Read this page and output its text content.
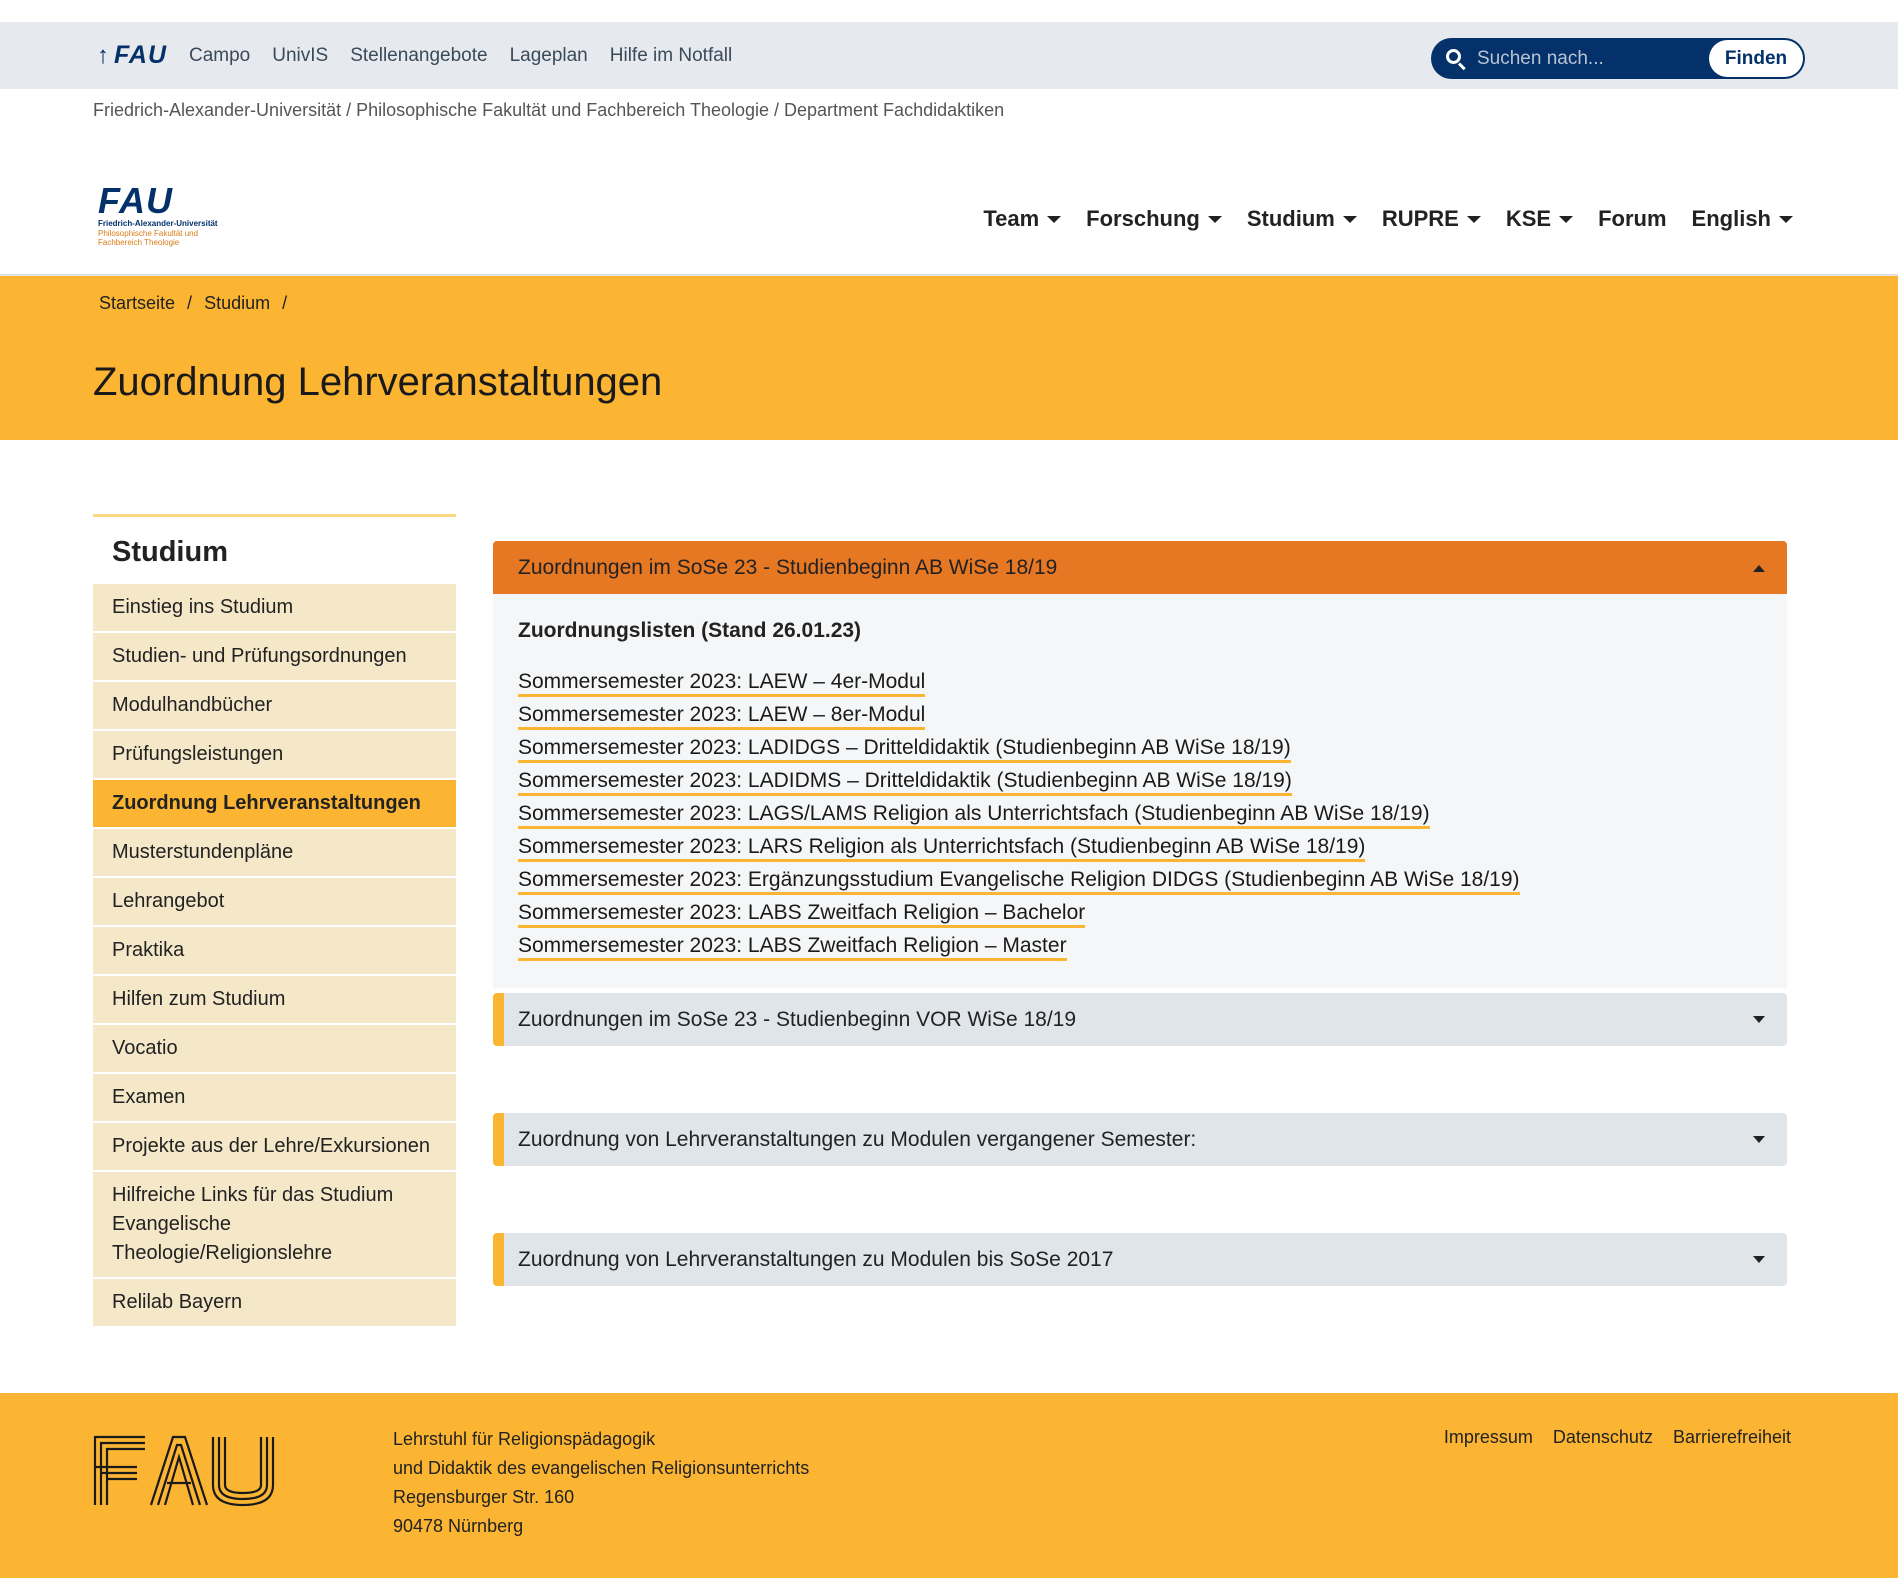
↑ FAU Campo UnivIS Stellenangebote Lageplan Hilfe im Notfall
Suchen nach...	Finden
Friedrich-Alexander-Universität / Philosophische Fakultät und Fachbereich Theologie / Department Fachdidaktiken
FAU
Friedrich-Alexander-Universität
Philosophische Fakultät und
Fachbereich Theologie
Team Forschung Studium RUPRE KSE Forum English
Startseite / Studium /
Zuordnung Lehrveranstaltungen
Studium
Einstieg ins Studium
Studien- und Prüfungsordnungen
Modulhandbücher
Prüfungsleistungen
Zuordnung Lehrveranstaltungen
Musterstundenpläne
Lehrangebot
Praktika
Hilfen zum Studium
Vocatio
Examen
Projekte aus der Lehre/Exkursionen
Hilfreiche Links für das Studium Evangelische Theologie/Religionslehre
Relilab Bayern
Zuordnungen im SoSe 23 - Studienbeginn AB WiSe 18/19
Zuordnungslisten (Stand 26.01.23)
Sommersemester 2023: LAEW – 4er-Modul
Sommersemester 2023: LAEW – 8er-Modul
Sommersemester 2023: LADIDGS – Dritteldidaktik (Studienbeginn AB WiSe 18/19)
Sommersemester 2023: LADIDMS – Dritteldidaktik (Studienbeginn AB WiSe 18/19)
Sommersemester 2023: LAGS/LAMS Religion als Unterrichtsfach (Studienbeginn AB WiSe 18/19)
Sommersemester 2023: LARS Religion als Unterrichtsfach (Studienbeginn AB WiSe 18/19)
Sommersemester 2023: Ergänzungsstudium Evangelische Religion DIDGS (Studienbeginn AB WiSe 18/19)
Sommersemester 2023: LABS Zweitfach Religion – Bachelor
Sommersemester 2023: LABS Zweitfach Religion – Master
Zuordnungen im SoSe 23 - Studienbeginn VOR WiSe 18/19
Zuordnung von Lehrveranstaltungen zu Modulen vergangener Semester:
Zuordnung von Lehrveranstaltungen zu Modulen bis SoSe 2017
Lehrstuhl für Religionspädagogik
und Didaktik des evangelischen Religionsunterrichts
Regensburger Str. 160
90478 Nürnberg
Impressum Datenschutz Barrierefreiheit
